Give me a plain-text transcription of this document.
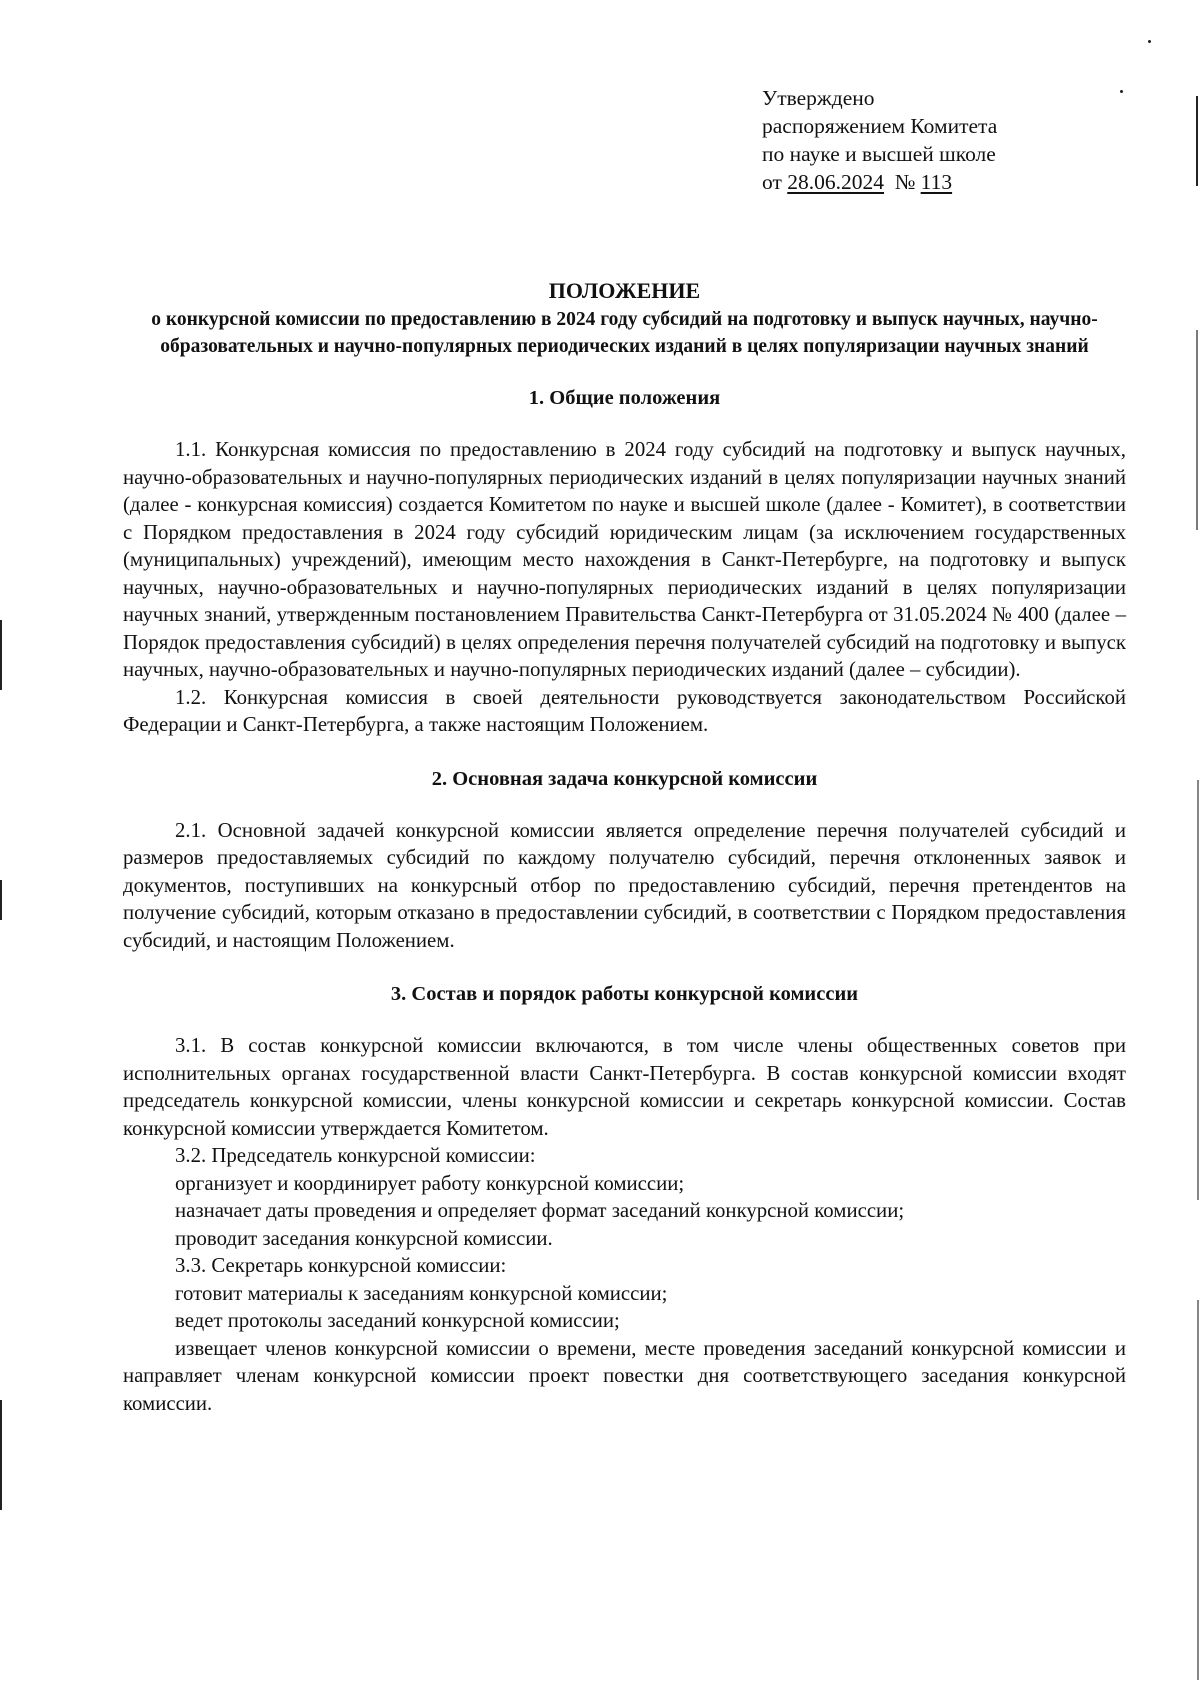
Утверждено
распоряжением Комитета
по науке и высшей школе
от 28.06.2024 № 113
ПОЛОЖЕНИЕ
о конкурсной комиссии по предоставлению в 2024 году субсидий на подготовку и выпуск научных, научно-образовательных и научно-популярных периодических изданий в целях популяризации научных знаний
1. Общие положения

1.1. Конкурсная комиссия по предоставлению в 2024 году субсидий на подготовку и выпуск научных, научно-образовательных и научно-популярных периодических изданий в целях популяризации научных знаний (далее - конкурсная комиссия) создается Комитетом по науке и высшей школе (далее - Комитет), в соответствии с Порядком предоставления в 2024 году субсидий юридическим лицам (за исключением государственных (муниципальных) учреждений), имеющим место нахождения в Санкт-Петербурге, на подготовку и выпуск научных, научно-образовательных и научно-популярных периодических изданий в целях популяризации научных знаний, утвержденным постановлением Правительства Санкт-Петербурга от 31.05.2024 № 400 (далее – Порядок предоставления субсидий) в целях определения перечня получателей субсидий на подготовку и выпуск научных, научно-образовательных и научно-популярных периодических изданий (далее – субсидии).

1.2. Конкурсная комиссия в своей деятельности руководствуется законодательством Российской Федерации и Санкт-Петербурга, а также настоящим Положением.

2. Основная задача конкурсной комиссии

2.1. Основной задачей конкурсной комиссии является определение перечня получателей субсидий и размеров предоставляемых субсидий по каждому получателю субсидий, перечня отклоненных заявок и документов, поступивших на конкурсный отбор по предоставлению субсидий, перечня претендентов на получение субсидий, которым отказано в предоставлении субсидий, в соответствии с Порядком предоставления субсидий, и настоящим Положением.

3. Состав и порядок работы конкурсной комиссии

3.1. В состав конкурсной комиссии включаются, в том числе члены общественных советов при исполнительных органах государственной власти Санкт-Петербурга. В состав конкурсной комиссии входят председатель конкурсной комиссии, члены конкурсной комиссии и секретарь конкурсной комиссии. Состав конкурсной комиссии утверждается Комитетом.

3.2. Председатель конкурсной комиссии:

организует и координирует работу конкурсной комиссии;

назначает даты проведения и определяет формат заседаний конкурсной комиссии;

проводит заседания конкурсной комиссии.

3.3. Секретарь конкурсной комиссии:

готовит материалы к заседаниям конкурсной комиссии;

ведет протоколы заседаний конкурсной комиссии;

извещает членов конкурсной комиссии о времени, месте проведения заседаний конкурсной комиссии и направляет членам конкурсной комиссии проект повестки дня соответствующего заседания конкурсной комиссии.
